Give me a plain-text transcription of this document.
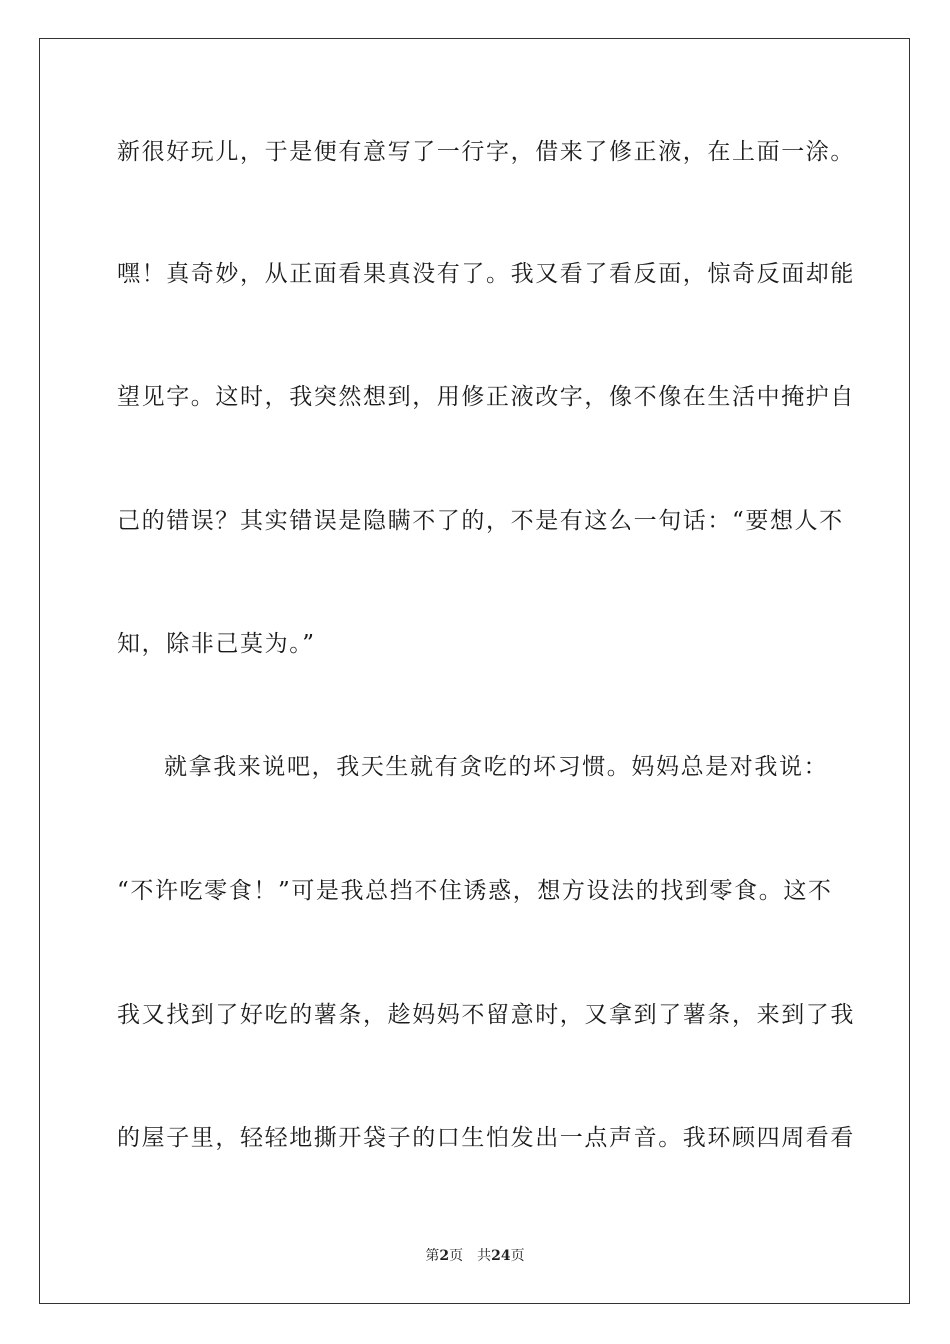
新很好玩儿，于是便有意写了一行字，借来了修正液，在上面一涂。
嘿！真奇妙，从正面看果真没有了。我又看了看反面，惊奇反面却能
望见字。这时，我突然想到，用修正液改字，像不像在生活中掩护自
己的错误？其实错误是隐瞒不了的，不是有这么一句话：“要想人不
知，除非己莫为。”
就拿我来说吧，我天生就有贪吃的坏习惯。妈妈总是对我说：
“不许吃零食！”可是我总挡不住诱惑，想方设法的找到零食。这不
我又找到了好吃的薯条，趁妈妈不留意时，又拿到了薯条，来到了我
的屋子里，轻轻地撕开袋子的口生怕发出一点声音。我环顾四周看看
第2页 共24页
